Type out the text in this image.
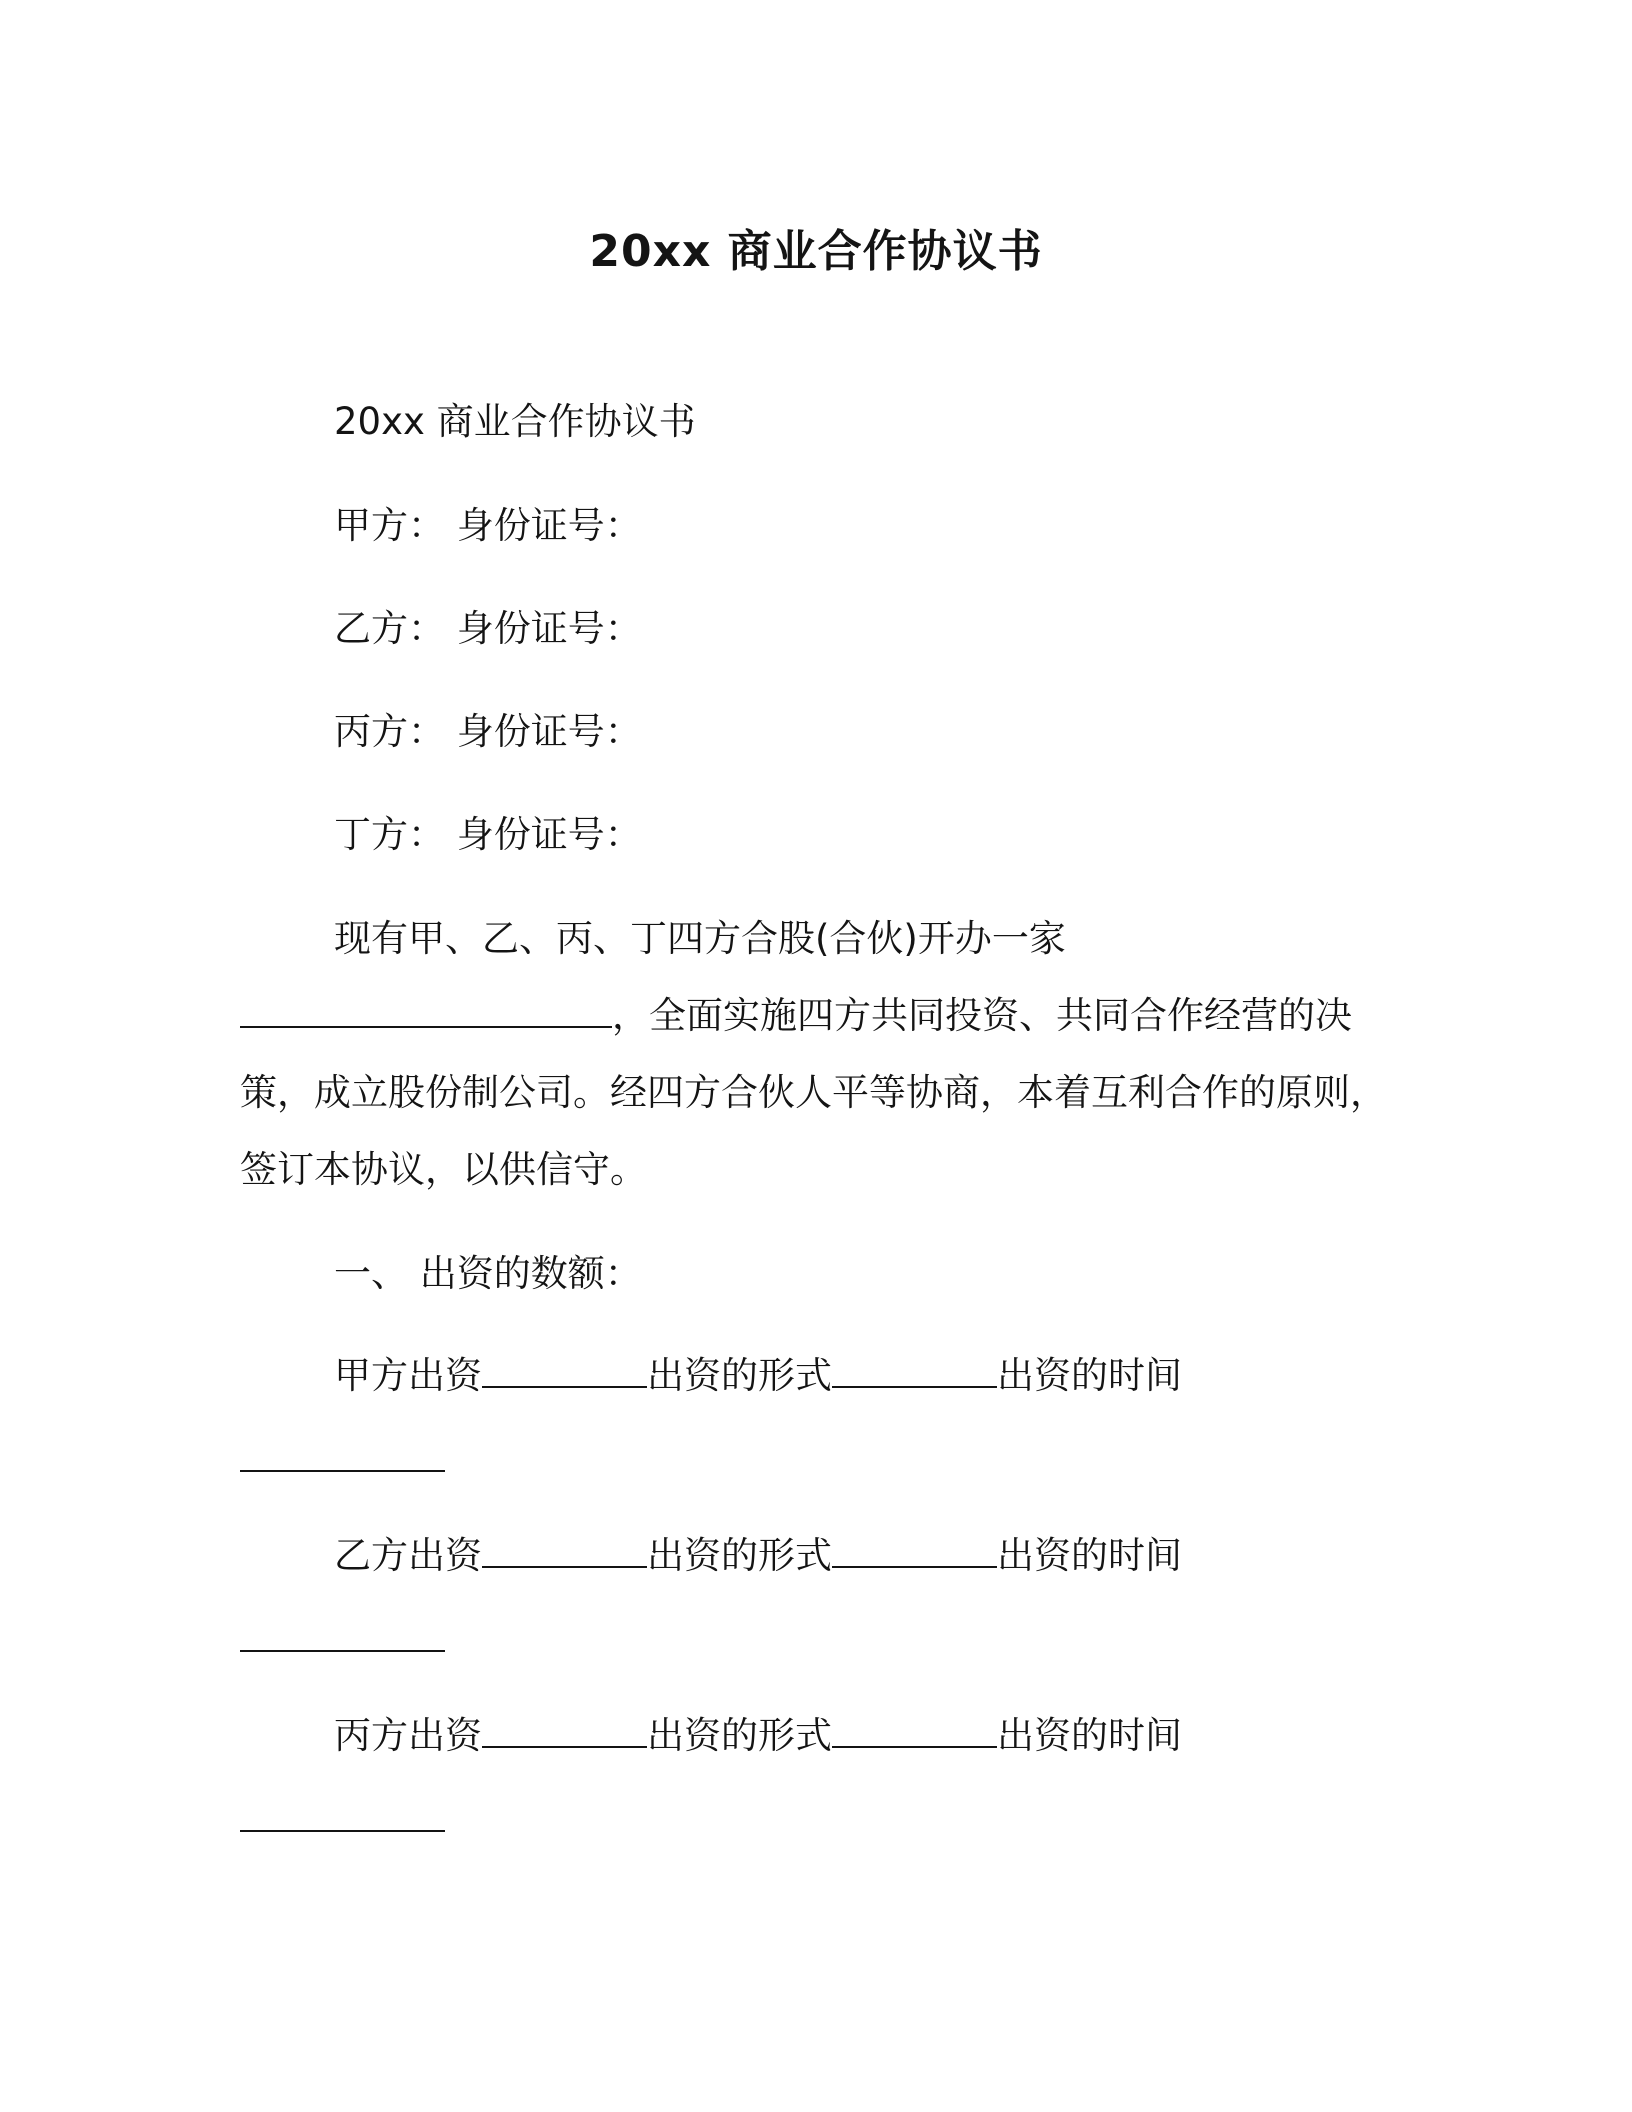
20xx 商业合作协议书
20xx 商业合作协议书
甲方： 身份证号：
乙方： 身份证号：
丙方： 身份证号：
丁方： 身份证号：
现有甲、乙、丙、丁四方合股(合伙)开办一家
，全面实施四方共同投资、共同合作经营的决
策，成立股份制公司。经四方合伙人平等协商，本着互利合作的原则，
签订本协议，以供信守。
一、 出资的数额：
甲方出资	出资的形式	出资的时间
乙方出资	出资的形式	出资的时间
丙方出资	出资的形式	出资的时间
